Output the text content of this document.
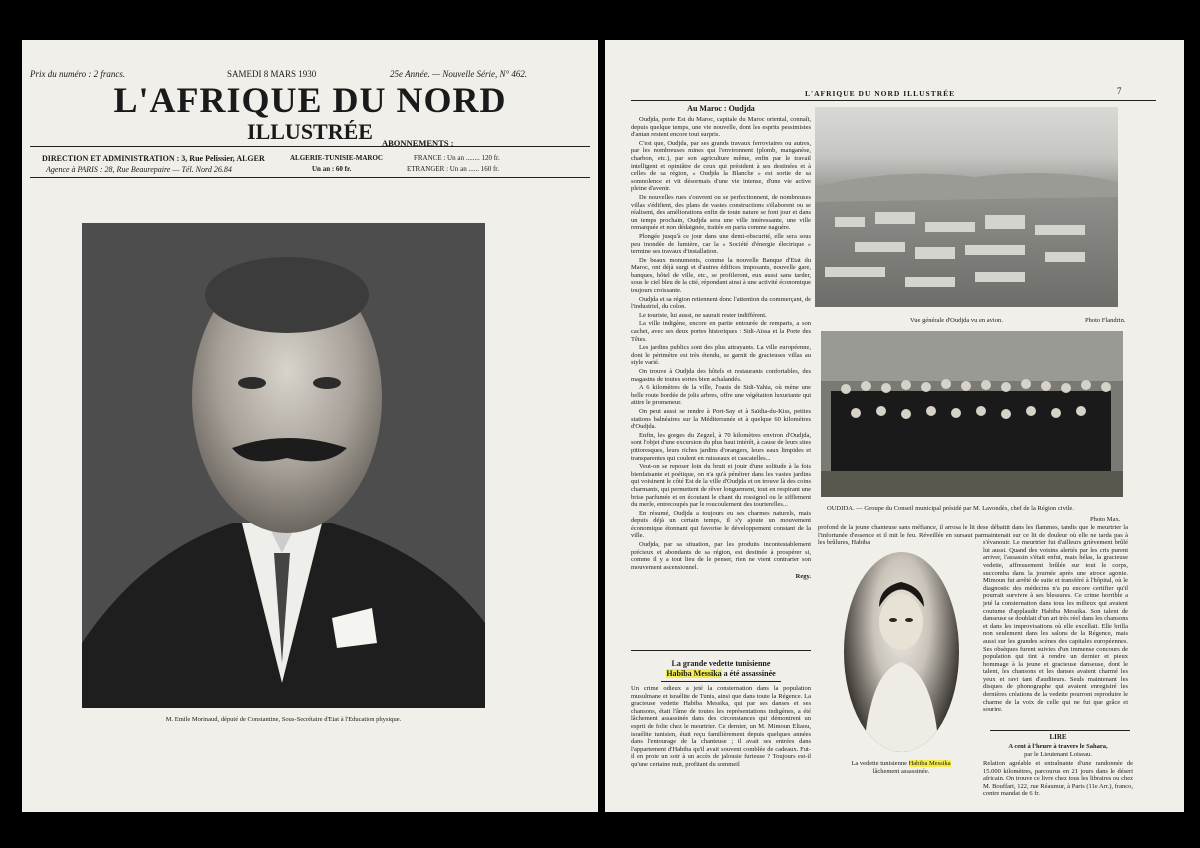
Prix du numéro : 2 francs.	SAMEDI 8 MARS 1930	25e Année. — Nouvelle Série, N° 462.
L'AFRIQUE DU NORD
ILLUSTRÉE
DIRECTION ET ADMINISTRATION : 3, Rue Pelissier, ALGER
Agence à PARIS : 28, Rue Beaurepaire — Tél. Nord 26.84
ABONNEMENTS :
ALGERIE-TUNISIE-MAROC
Un an : 60 fr.
FRANCE : Un an ........ 120 fr.
ETRANGER : Un an ...... 160 fr.
M. Emile Morinaud, député de Constantine, Sous-Secrétaire d'Etat à l'Education physique.
L'AFRIQUE DU NORD ILLUSTRÉE	7
Au Maroc : Oudjda

Oudjda, porte Est du Maroc, capitale du Maroc oriental, connaît, depuis quelque temps, une vie nouvelle, dont les esprits pessimistes d'antan restent encore tout surpris.

C'est que, Oudjda, par ses grands travaux ferroviaires ou autres, par les nombreuses mines qui l'environnent (plomb, manganèse, charbon, etc.), par son agriculture même, enfin par le travail intelligent et opiniâtre de ceux qui président à ses destinées et à celles de sa région, « Oudjda la Blanche » est sortie de sa somnolence et vit désormais d'une vie intense, d'une vie active pleine d'avenir.

De nouvelles rues s'ouvrent ou se perfectionnent, de nombreuses villas s'édifient, des plans de vastes constructions s'élaborent ou se réalisent, des améliorations enfin de toute nature se font jour et dans un temps prochain, Oudjda sera une ville intéressante, une ville remarquée et non dédaignée, traitée en paria comme naguère.

Plongée jusqu'à ce jour dans une demi-obscurité, elle sera sous peu inondée de lumière, car la « Société d'énergie électrique » termine ses travaux d'installation.

De beaux monuments, comme la nouvelle Banque d'Etat du Maroc, ont déjà surgi et d'autres édifices imposants, nouvelle gare, banques, hôtel de ville, etc., se profileront, eux aussi sans tarder, sous le ciel bleu de la cité, répondant ainsi à une activité économique toujours croissante.

Oudjda et sa région retiennent donc l'attention du commerçant, de l'industriel, du colon.

Le touriste, lui aussi, ne saurait rester indifférent.

La ville indigène, encore en partie entourée de remparts, a son cachet, avec ses deux portes historiques : Sidi-Aïssa et la Porte des Têtes.

Les jardins publics sont des plus attrayants. La ville européenne, dont le périmètre est très étendu, se garnit de gracieuses villas au style varié.

On trouve à Oudjda des hôtels et restaurants confortables, des magasins de toutes sortes bien achalandés.

A 6 kilomètres de la ville, l'oasis de Sidi-Yahia, où mène une belle route bordée de jolis arbres, offre une végétation luxuriante qui attire le promeneur.

On peut aussi se rendre à Port-Say et à Saïdia-du-Kiss, petites stations balnéaires sur la Méditerranée et à quelque 60 kilomètres d'Oudjda.

Enfin, les gorges du Zegzel, à 70 kilomètres environ d'Oudjda, sont l'objet d'une excursion du plus haut intérêt, à cause de leurs sites pittoresques, leurs riches jardins d'orangers, leurs eaux limpides et transparentes qui coulent en ruisseaux et cascatelles...

Veut-on se reposer loin du bruit et jouir d'une solitude à la fois bienfaisante et poétique, on n'a qu'à pénétrer dans les vastes jardins qui voisinent le côté Est de la ville d'Oudjda et on trouve là des coins charmants, qui permettent de rêver longuement, tout en respirant une brise parfumée et en écoutant le chant du rossignol ou le sifflement du merle, entrecoupés par le roucoulement des tourterelles...

En résumé, Oudjda a toujours eu ses charmes naturels, mais depuis déjà un certain temps, il s'y ajoute un mouvement économique étonnant qui favorise le développement constant de la ville.

Oudjda, par sa situation, par les produits incontestablement précieux et abondants de sa région, est destinée à prospérer si, comme il y a tout lieu de le penser, rien ne vient contrarier son mouvement ascensionnel.

Regy.
Vue générale d'Oudjda vu en avion.	Photo Flandrin.
OUDJDA. — Groupe du Conseil municipal présidé par M. Lavondès, chef de la Région civile.
Photo Max.
La grande vedette tunisienne
Habiba Messika a été assassinée
Un crime odieux a jeté la consternation dans la population musulmane et israélite de Tunis, ainsi que dans toute la Régence. La gracieuse vedette Habiba Messika, qui par ses danses et ses chansons, était l'âme de toutes les représentations indigènes, a été lâchement assassinée dans des circonstances qui démontrent un esprit de folie chez le meurtrier. Ce dernier, un M. Mimoun Eliaou, israélite tunisien, était reçu familièrement depuis quelques années dans l'entourage de la chanteuse ; il avait ses entrées dans l'appartement d'Habiba qu'il avait souvent comblée de cadeaux. Fut-il en proie un soir à un accès de jalousie furieuse ? Toujours est-il qu'une certaine nuit, profitant du sommeil
profond de la jeune chanteuse sans méfiance, il arrosa le lit de l'infortunée d'essence et il mit le feu. Réveillée en sursaut par les brûlures, Habiba
La vedette tunisienne Habiba Messika
lâchement assassinée.
se débattit dans les flammes, tandis que le meurtrier la maintenait sur ce lit de douleur où elle ne tarda pas à s'évanouir. Le meurtrier fut d'ailleurs grièvement brûlé lui aussi. Quand des voisins alertés par les cris purent arriver, l'assassin s'était enfui, mais hélas, la gracieuse vedette, affreusement brûlée sur tout le corps, succomba dans la journée après une atroce agonie. Mimoun fut arrêté de suite et transféré à l'hôpital, où le diagnostic des médecins n'a pu encore certifier qu'il pourrait survivre à ses blessures. Ce crime horrible a jeté la consternation dans tous les milieux qui avaient coutume d'applaudir Habiba Messika. Son talent de danseuse se doublait d'un art très réel dans les chansons et dans les improvisations où elle excellait. Elle brilla non seulement dans les salons de la Régence, mais aussi sur les grandes scènes des capitales européennes. Ses obsèques furent suivies d'un immense concours de population qui tint à rendre un dernier et pieux hommage à la jeune et gracieuse danseuse, dont le talent, les chansons et les danses avaient charmé les yeux et ravi tant d'auditeurs. Seuls maintenant les disques de phonographe qui avaient enregistré les dernières créations de la vedette pourront reproduire le charme de la voix de celle qui ne fut que grâce et sourire.
LIRE
A cent à l'heure à travers le Sahara,
par le Lieutenant Loiseau.
Relation agréable et entraînante d'une randonnée de 15.000 kilomètres, parcourus en 21 jours dans le désert africain. On trouve ce livre chez tous les libraires ou chez M. Bouffart, 122, rue Réaumur, à Paris (11e Arr.), franco, contre mandat de 6 fr.
